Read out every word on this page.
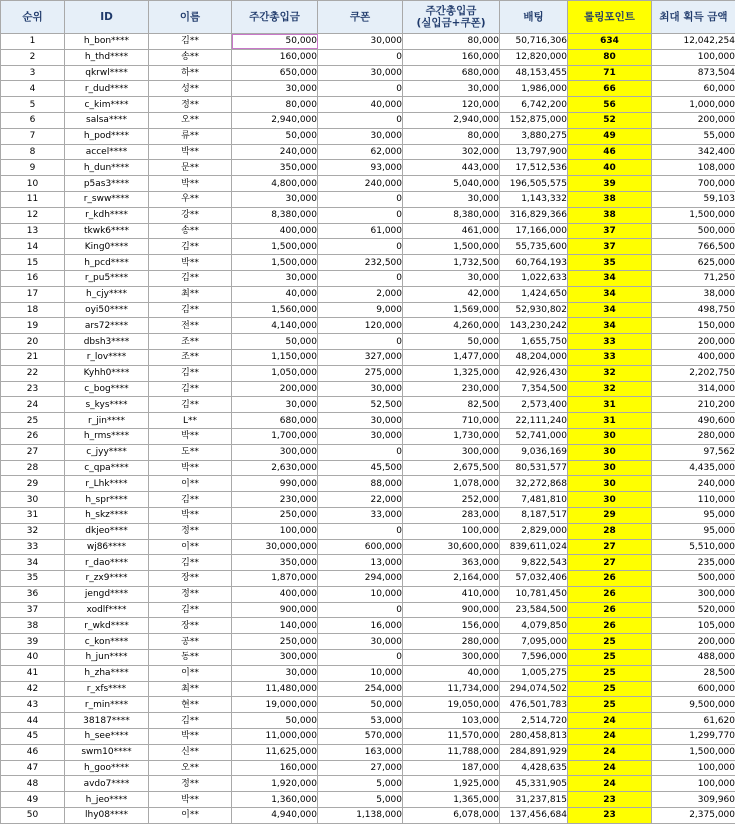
순위	ID	이름	주간총입금	쿠폰	주간총입금
(실입금+쿠폰)	배팅	롤링포인트	최대 획득 금액
1	h_bon****	김**	50,000	30,000	80,000	50,716,306	634	12,042,254
2	h_thd****	송**	160,000	0	160,000	12,820,000	80	100,000
3	qkrwl****	하**	650,000	30,000	680,000	48,153,455	71	873,504
4	r_dud****	성**	30,000	0	30,000	1,986,000	66	60,000
5	c_kim****	정**	80,000	40,000	120,000	6,742,200	56	1,000,000
6	salsa****	오**	2,940,000	0	2,940,000	152,875,000	52	200,000
7	h_pod****	류**	50,000	30,000	80,000	3,880,275	49	55,000
8	accel****	박**	240,000	62,000	302,000	13,797,900	46	342,400
9	h_dun****	문**	350,000	93,000	443,000	17,512,536	40	108,000
10	p5as3****	박**	4,800,000	240,000	5,040,000	196,505,575	39	700,000
11	r_sww****	우**	30,000	0	30,000	1,143,332	38	59,103
12	r_kdh****	강**	8,380,000	0	8,380,000	316,829,366	38	1,500,000
13	tkwk6****	송**	400,000	61,000	461,000	17,166,000	37	500,000
14	King0****	김**	1,500,000	0	1,500,000	55,735,600	37	766,500
15	h_pcd****	박**	1,500,000	232,500	1,732,500	60,764,193	35	625,000
16	r_pu5****	김**	30,000	0	30,000	1,022,633	34	71,250
17	h_cjy****	최**	40,000	2,000	42,000	1,424,650	34	38,000
18	oyi50****	김**	1,560,000	9,000	1,569,000	52,930,802	34	498,750
19	ars72****	전**	4,140,000	120,000	4,260,000	143,230,242	34	150,000
20	dbsh3****	조**	50,000	0	50,000	1,655,750	33	200,000
21	r_lov****	조**	1,150,000	327,000	1,477,000	48,204,000	33	400,000
22	Kyhh0****	김**	1,050,000	275,000	1,325,000	42,926,430	32	2,202,750
23	c_bog****	김**	200,000	30,000	230,000	7,354,500	32	314,000
24	s_kys****	김**	30,000	52,500	82,500	2,573,400	31	210,200
25	r_jin****	L**	680,000	30,000	710,000	22,111,240	31	490,600
26	h_rms****	박**	1,700,000	30,000	1,730,000	52,741,000	30	280,000
27	c_jyy****	도**	300,000	0	300,000	9,036,169	30	97,562
28	c_qpa****	박**	2,630,000	45,500	2,675,500	80,531,577	30	4,435,000
29	r_Lhk****	이**	990,000	88,000	1,078,000	32,272,868	30	240,000
30	h_spr****	김**	230,000	22,000	252,000	7,481,810	30	110,000
31	h_skz****	박**	250,000	33,000	283,000	8,187,517	29	95,000
32	dkjeo****	정**	100,000	0	100,000	2,829,000	28	95,000
33	wj86****	이**	30,000,000	600,000	30,600,000	839,611,024	27	5,510,000
34	r_dao****	김**	350,000	13,000	363,000	9,822,543	27	235,000
35	r_zx9****	장**	1,870,000	294,000	2,164,000	57,032,406	26	500,000
36	jengd****	정**	400,000	10,000	410,000	10,781,450	26	300,000
37	xodlf****	김**	900,000	0	900,000	23,584,500	26	520,000
38	r_wkd****	장**	140,000	16,000	156,000	4,079,850	26	105,000
39	c_kon****	공**	250,000	30,000	280,000	7,095,000	25	200,000
40	h_jun****	동**	300,000	0	300,000	7,596,000	25	488,000
41	h_zha****	이**	30,000	10,000	40,000	1,005,275	25	28,500
42	r_xfs****	최**	11,480,000	254,000	11,734,000	294,074,502	25	600,000
43	r_min****	현**	19,000,000	50,000	19,050,000	476,501,783	25	9,500,000
44	38187****	김**	50,000	53,000	103,000	2,514,720	24	61,620
45	h_see****	박**	11,000,000	570,000	11,570,000	280,458,813	24	1,299,770
46	swm10****	신**	11,625,000	163,000	11,788,000	284,891,929	24	1,500,000
47	h_goo****	오**	160,000	27,000	187,000	4,428,635	24	100,000
48	avdo7****	정**	1,920,000	5,000	1,925,000	45,331,905	24	100,000
49	h_jeo****	박**	1,360,000	5,000	1,365,000	31,237,815	23	309,960
50	lhy08****	이**	4,940,000	1,138,000	6,078,000	137,456,684	23	2,375,000
